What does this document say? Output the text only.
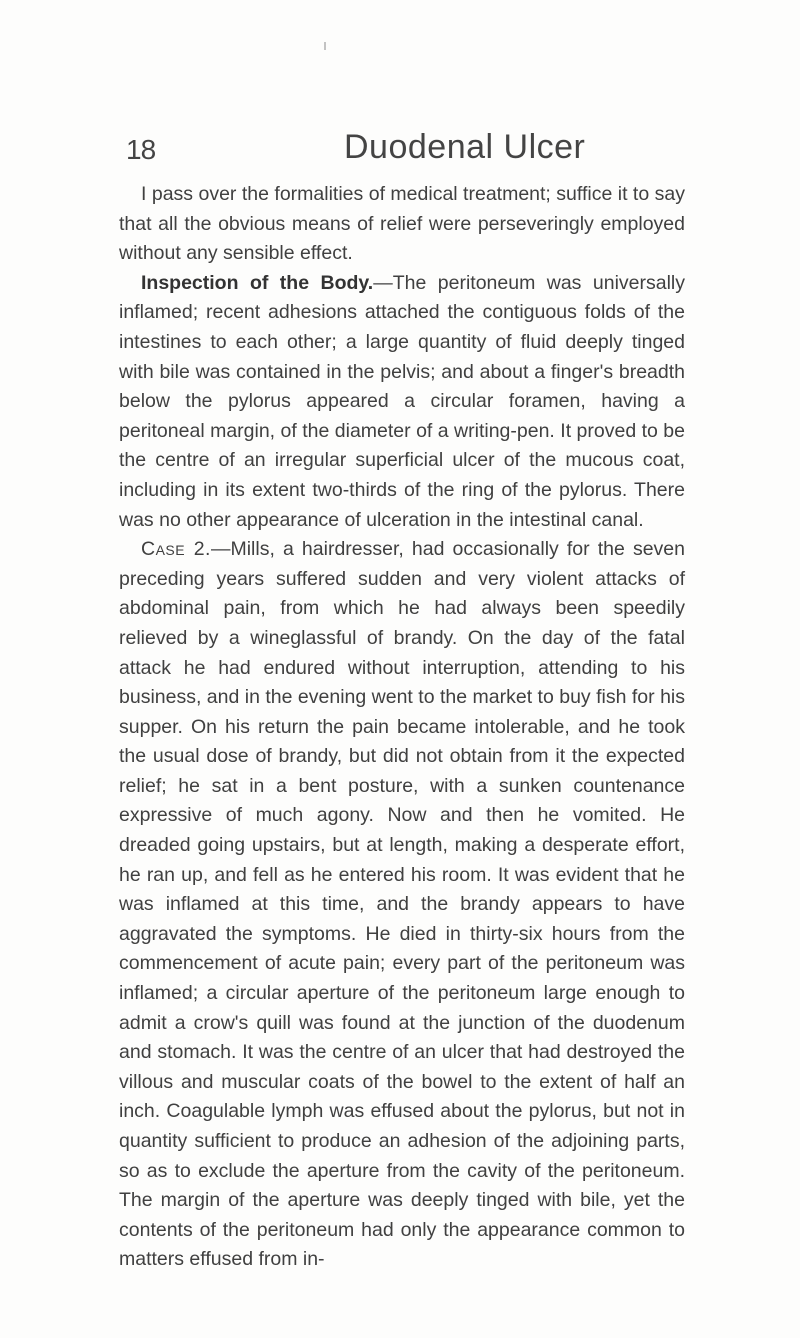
18	Duodenal Ulcer

I pass over the formalities of medical treatment; suffice it to say that all the obvious means of relief were perseveringly employed without any sensible effect.

Inspection of the Body.—The peritoneum was universally inflamed; recent adhesions attached the contiguous folds of the intestines to each other; a large quantity of fluid deeply tinged with bile was contained in the pelvis; and about a finger's breadth below the pylorus appeared a circular foramen, having a peritoneal margin, of the diameter of a writing-pen. It proved to be the centre of an irregular superficial ulcer of the mucous coat, including in its extent two-thirds of the ring of the pylorus. There was no other appearance of ulceration in the intestinal canal.

Case 2.—Mills, a hairdresser, had occasionally for the seven preceding years suffered sudden and very violent attacks of abdominal pain, from which he had always been speedily relieved by a wineglassful of brandy. On the day of the fatal attack he had endured without interruption, attending to his business, and in the evening went to the market to buy fish for his supper. On his return the pain became intolerable, and he took the usual dose of brandy, but did not obtain from it the expected relief; he sat in a bent posture, with a sunken countenance expressive of much agony. Now and then he vomited. He dreaded going upstairs, but at length, making a desperate effort, he ran up, and fell as he entered his room. It was evident that he was inflamed at this time, and the brandy appears to have aggravated the symptoms. He died in thirty-six hours from the commencement of acute pain; every part of the peritoneum was inflamed; a circular aperture of the peritoneum large enough to admit a crow's quill was found at the junction of the duodenum and stomach. It was the centre of an ulcer that had destroyed the villous and muscular coats of the bowel to the extent of half an inch. Coagulable lymph was effused about the pylorus, but not in quantity sufficient to produce an adhesion of the adjoining parts, so as to exclude the aperture from the cavity of the peritoneum. The margin of the aperture was deeply tinged with bile, yet the contents of the peritoneum had only the appearance common to matters effused from in-
